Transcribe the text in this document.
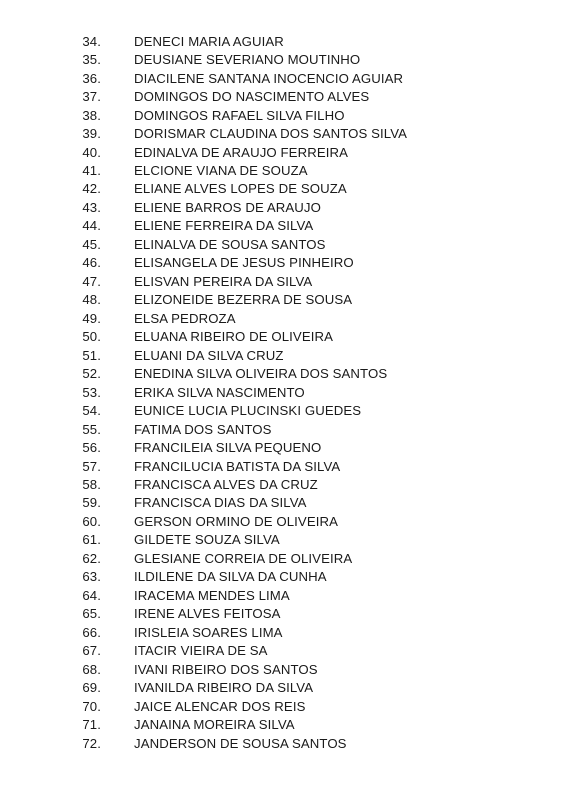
34.	DENECI MARIA AGUIAR
35.	DEUSIANE SEVERIANO MOUTINHO
36.	DIACILENE SANTANA INOCENCIO AGUIAR
37.	DOMINGOS DO NASCIMENTO ALVES
38.	DOMINGOS RAFAEL SILVA FILHO
39.	DORISMAR CLAUDINA DOS SANTOS SILVA
40.	EDINALVA DE ARAUJO FERREIRA
41.	ELCIONE VIANA DE SOUZA
42.	ELIANE ALVES LOPES DE SOUZA
43.	ELIENE BARROS DE ARAUJO
44.	ELIENE FERREIRA DA SILVA
45.	ELINALVA DE SOUSA SANTOS
46.	ELISANGELA DE JESUS PINHEIRO
47.	ELISVAN PEREIRA DA SILVA
48.	ELIZONEIDE BEZERRA DE SOUSA
49.	ELSA PEDROZA
50.	ELUANA RIBEIRO DE OLIVEIRA
51.	ELUANI DA SILVA CRUZ
52.	ENEDINA SILVA OLIVEIRA DOS SANTOS
53.	ERIKA SILVA NASCIMENTO
54.	EUNICE LUCIA PLUCINSKI GUEDES
55.	FATIMA DOS SANTOS
56.	FRANCILEIA SILVA PEQUENO
57.	FRANCILUCIA BATISTA DA SILVA
58.	FRANCISCA ALVES DA CRUZ
59.	FRANCISCA DIAS DA SILVA
60.	GERSON ORMINO DE OLIVEIRA
61.	GILDETE SOUZA SILVA
62.	GLESIANE CORREIA DE OLIVEIRA
63.	ILDILENE DA SILVA DA CUNHA
64.	IRACEMA MENDES LIMA
65.	IRENE ALVES FEITOSA
66.	IRISLEIA SOARES LIMA
67.	ITACIR VIEIRA DE SA
68.	IVANI RIBEIRO DOS SANTOS
69.	IVANILDA RIBEIRO DA SILVA
70.	JAICE ALENCAR DOS REIS
71.	JANAINA MOREIRA SILVA
72.	JANDERSON DE SOUSA SANTOS
